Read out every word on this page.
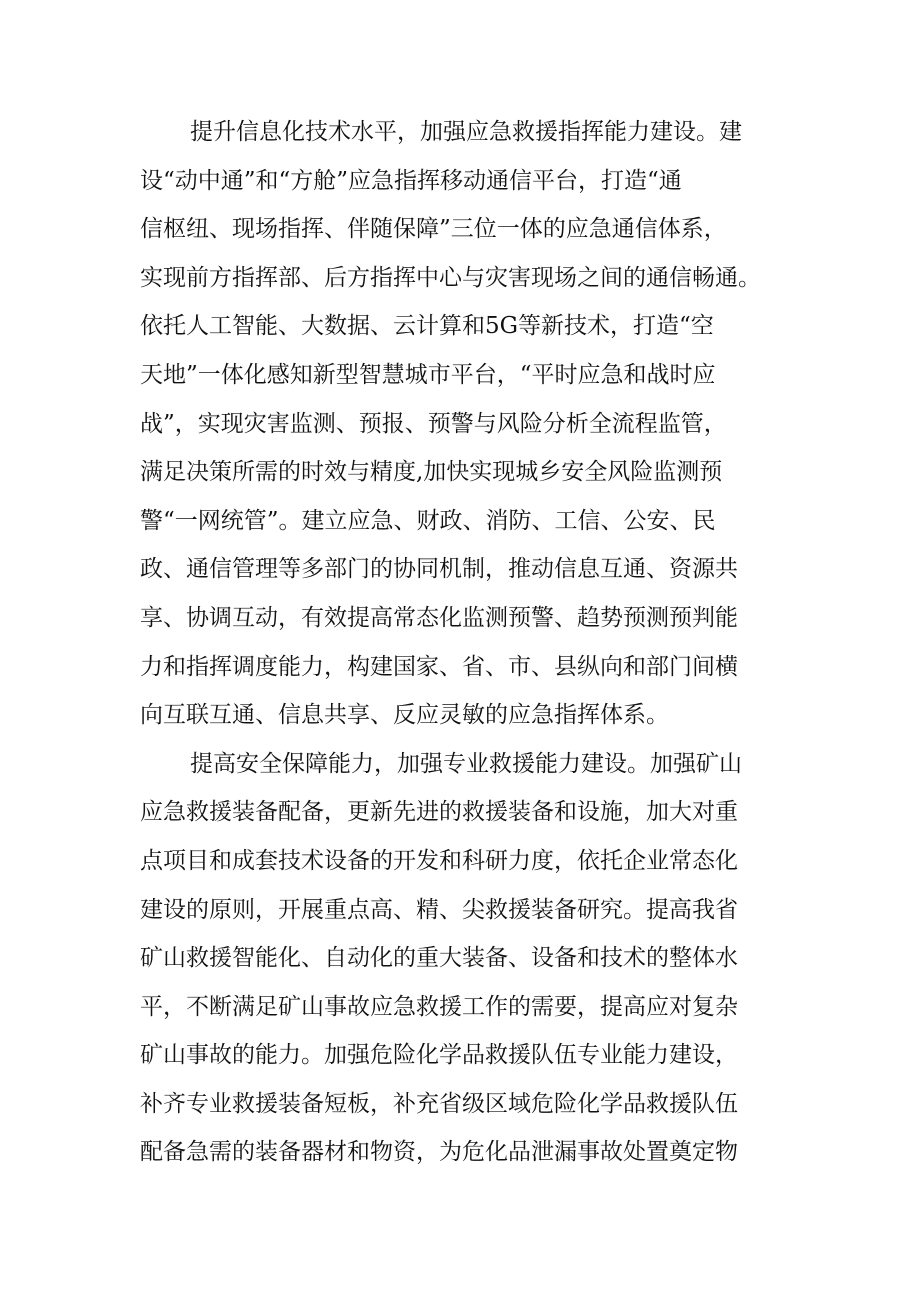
提升信息化技术水平，加强应急救援指挥能力建设。建
设“动中通”和“方舱”应急指挥移动通信平台，打造“通
信枢纽、现场指挥、伴随保障”三位一体的应急通信体系，
实现前方指挥部、后方指挥中心与灾害现场之间的通信畅通。
依托人工智能、大数据、云计算和5G等新技术，打造“空
天地”一体化感知新型智慧城市平台，“平时应急和战时应
战”，实现灾害监测、预报、预警与风险分析全流程监管，
满足决策所需的时效与精度,加快实现城乡安全风险监测预
警“一网统管”。建立应急、财政、消防、工信、公安、民
政、通信管理等多部门的协同机制，推动信息互通、资源共
享、协调互动，有效提高常态化监测预警、趋势预测预判能
力和指挥调度能力，构建国家、省、市、县纵向和部门间横
向互联互通、信息共享、反应灵敏的应急指挥体系。
提高安全保障能力，加强专业救援能力建设。加强矿山
应急救援装备配备，更新先进的救援装备和设施，加大对重
点项目和成套技术设备的开发和科研力度，依托企业常态化
建设的原则，开展重点高、精、尖救援装备研究。提高我省
矿山救援智能化、自动化的重大装备、设备和技术的整体水
平，不断满足矿山事故应急救援工作的需要，提高应对复杂
矿山事故的能力。加强危险化学品救援队伍专业能力建设，
补齐专业救援装备短板，补充省级区域危险化学品救援队伍
配备急需的装备器材和物资，为危化品泄漏事故处置奠定物
